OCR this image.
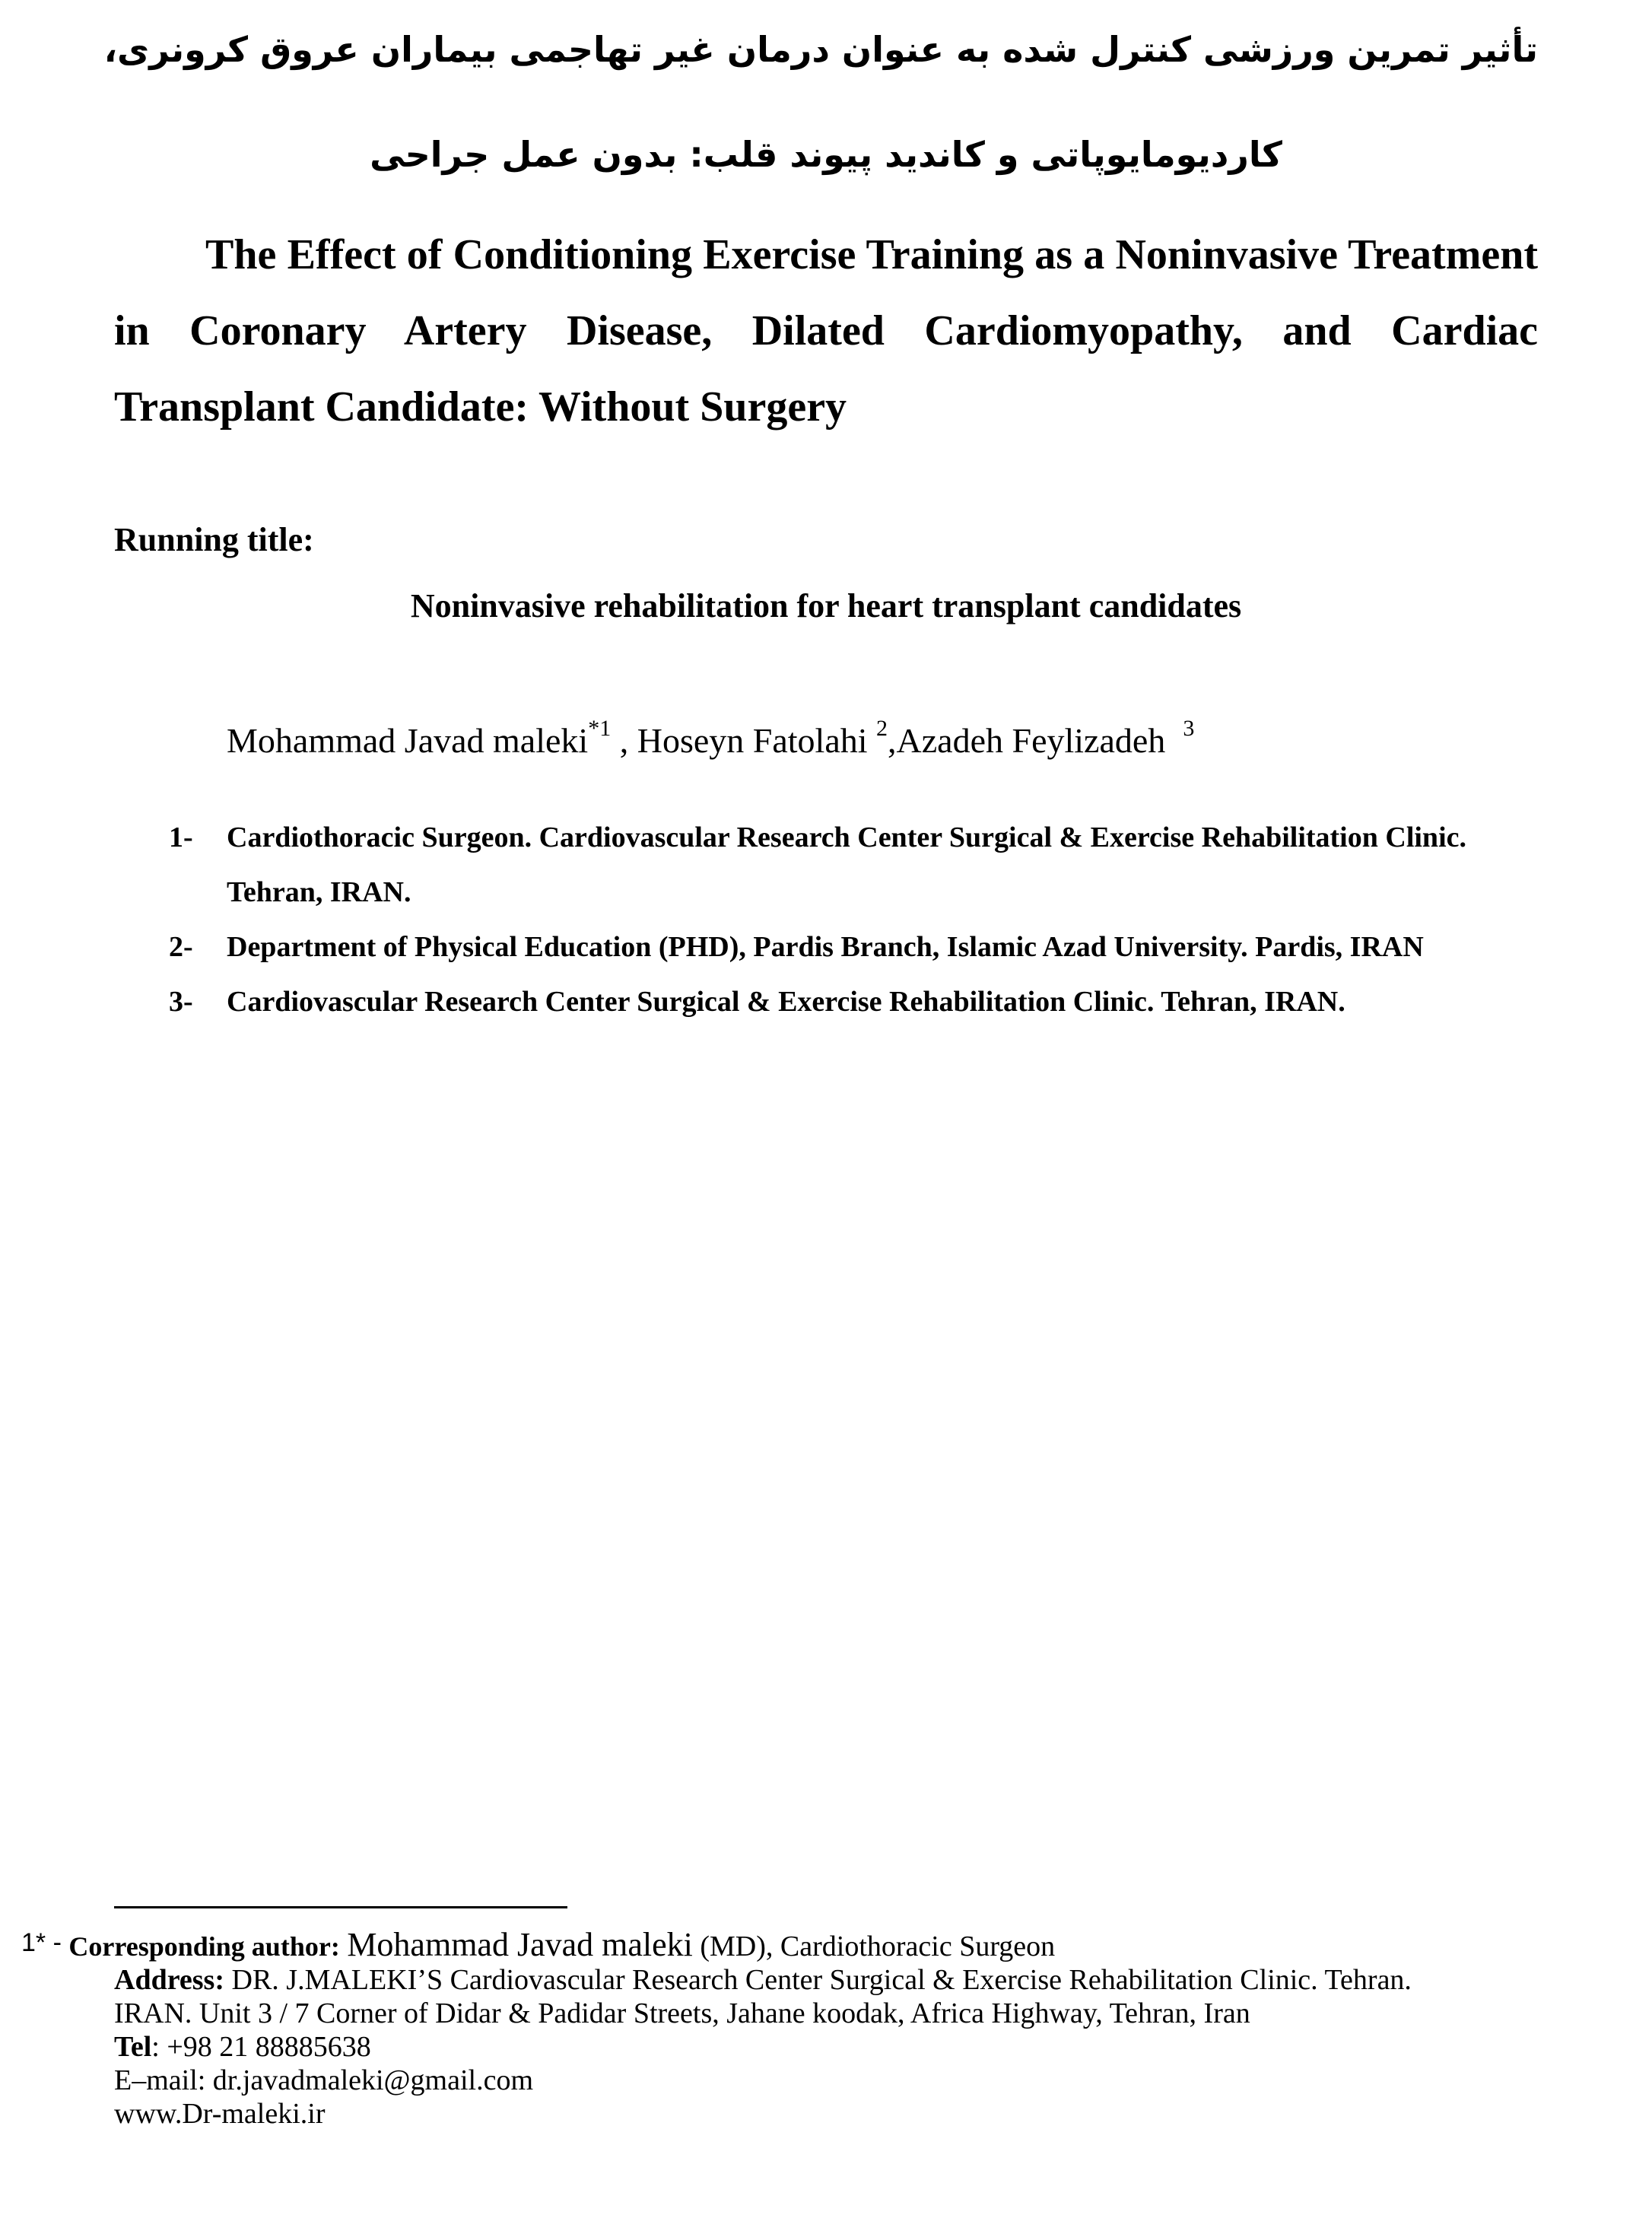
تأثیر تمرین ورزشی کنترل شده به عنوان درمان غیر تهاجمی بیماران عروق کرونری،
کاردیومایوپاتی و کاندید پیوند قلب: بدون عمل جراحی
The Effect of Conditioning Exercise Training as a Noninvasive Treatment in Coronary Artery Disease, Dilated Cardiomyopathy, and Cardiac Transplant Candidate: Without Surgery
Running title:
Noninvasive rehabilitation for heart transplant candidates
Mohammad Javad maleki$^{*1}$ , Hoseyn Fatolahi $^2$,Azadeh Feylizadeh $^3$
1- Cardiothoracic Surgeon. Cardiovascular Research Center Surgical & Exercise Rehabilitation Clinic. Tehran, IRAN.
2- Department of Physical Education (PHD), Pardis Branch, Islamic Azad University. Pardis, IRAN
3- Cardiovascular Research Center Surgical & Exercise Rehabilitation Clinic. Tehran, IRAN.
1* - Corresponding author: Mohammad Javad maleki (MD), Cardiothoracic Surgeon
Address: DR. J.MALEKI’S Cardiovascular Research Center Surgical & Exercise Rehabilitation Clinic. Tehran.
IRAN. Unit 3 / 7 Corner of Didar & Padidar Streets, Jahane koodak, Africa Highway, Tehran, Iran
Tel: +98 21 88885638
E–mail: dr.javadmaleki@gmail.com
www.Dr-maleki.ir
